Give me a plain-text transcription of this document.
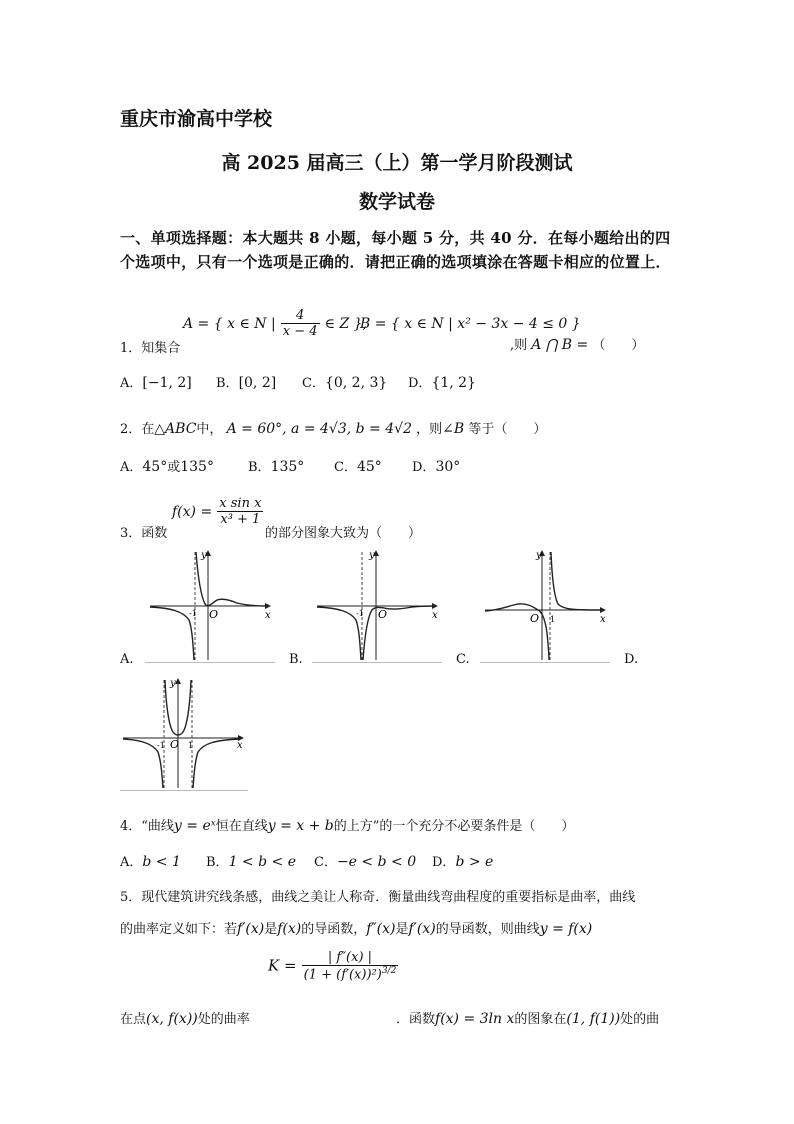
重庆市渝高中学校
高 2025 届高三（上）第一学月阶段测试
数学试卷
一、单项选择题：本大题共 8 小题，每小题 5 分，共 40 分．在每小题给出的四个选项中，只有一个选项是正确的．请把正确的选项填涂在答题卡相应的位置上．
A = { x ∈ N | $\frac{4}{x - 4}$ ∈ Z },
B = { x ∈ N | x² − 3x − 4 ≤ 0 }
1．知集合	,则 A ⋂ B = （　　）
A．[−1, 2] B．[0, 2] C．{0, 2, 3} D．{1, 2}
2．在△ABC中， A = 60°, a = 4√3, b = 4√2 ，则∠B 等于（　　）
A．45°或135°	B．135° C．45° D．30°
$f(x) = \frac{\text{x sin x}}{\text{x³ + 1}}$
3．函数	的部分图象大致为（　　）
y
x
O
-1
A.
y
x
O
-1
B.
y
x
O 1
C.	D.
y
x
O
-1	1
4．“曲线y = eˣ恒在直线y = x + b的上方”的一个充分不必要条件是（　　）
A．b < 1 B．1 < b < e C．−e < b < 0 D．b > e
5．现代建筑讲究线条感，曲线之美让人称奇．衡量曲线弯曲程度的重要指标是曲率，曲线
的曲率定义如下：若f′(x)是f(x)的导函数，f″(x)是f′(x)的导函数，则曲线y = f(x)
$K = \frac{| f''(x) |}{(1 + (f'(x))^2)^{3/2}}$
在点(x, f(x))处的曲率	．函数f(x) = 3ln x的图象在(1, f(1))处的曲
